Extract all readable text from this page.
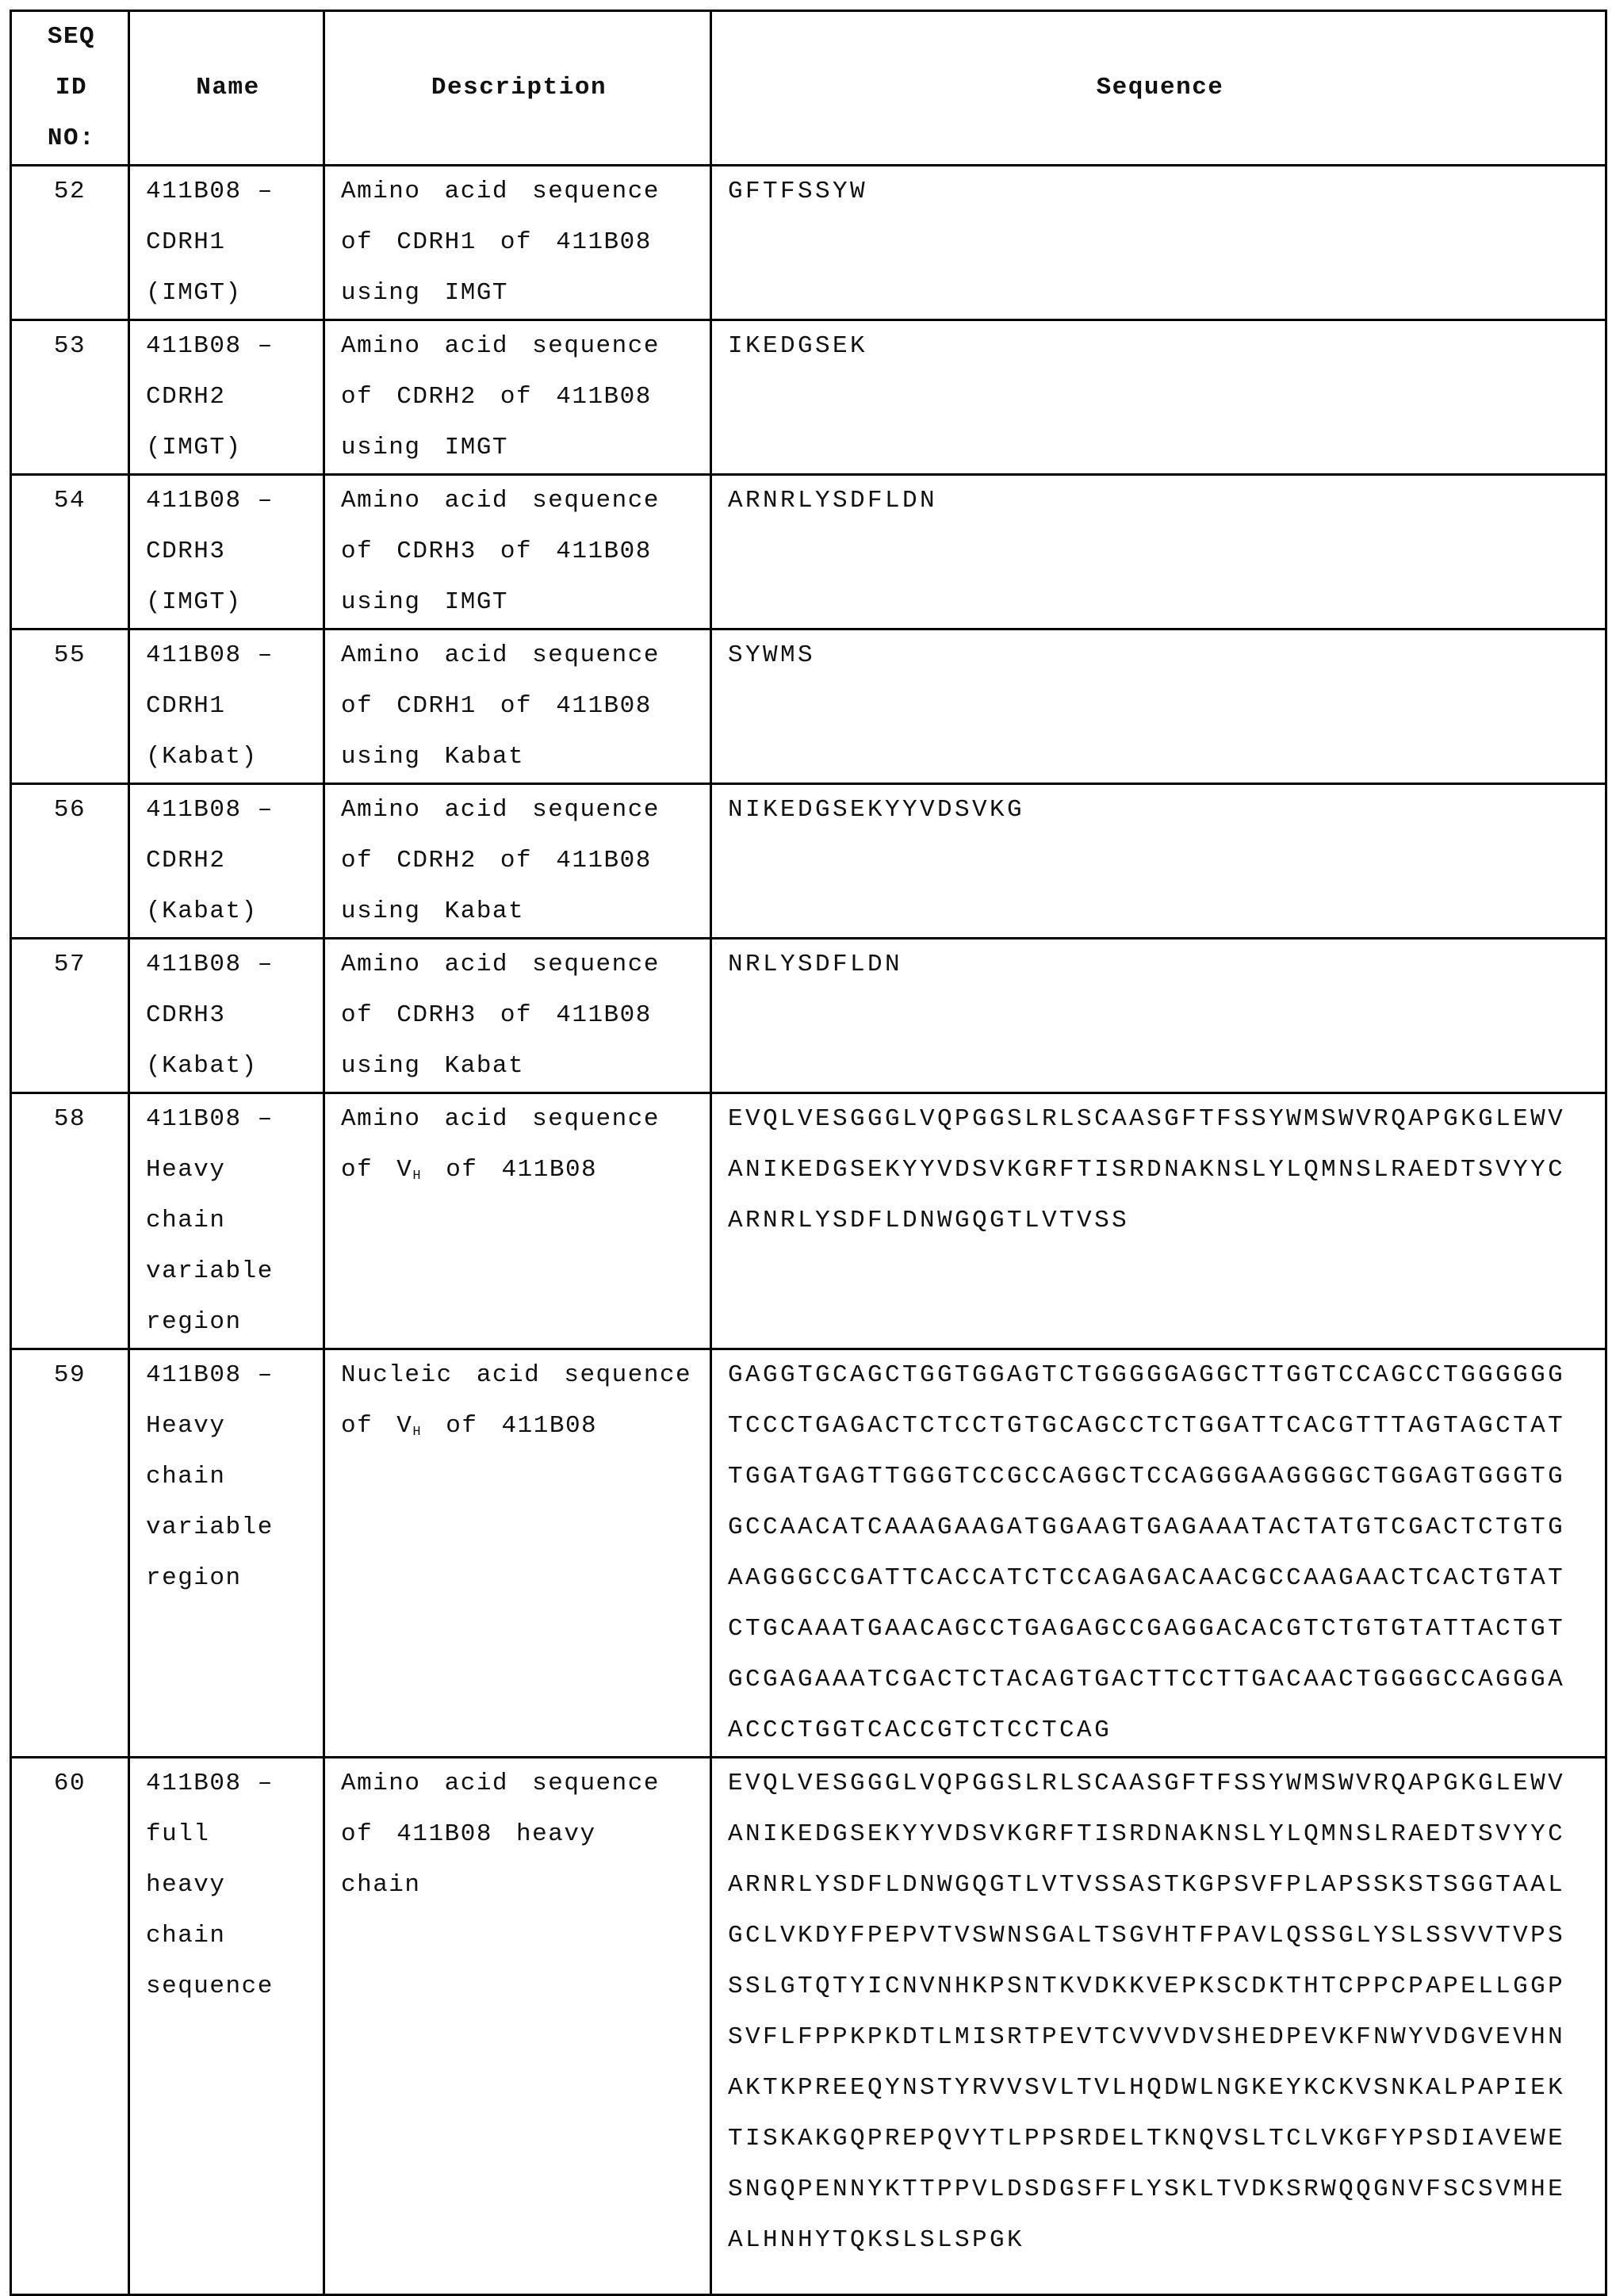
SEQ
ID
NO:	Name	Description	Sequence
52	411B08 –
CDRH1
(IMGT)	Amino acid sequence of CDRH1 of 411B08 using IMGT	
GFTFSSYW

53	411B08 –
CDRH2
(IMGT)	Amino acid sequence of CDRH2 of 411B08 using IMGT	
IKEDGSEK

54	411B08 –
CDRH3
(IMGT)	Amino acid sequence of CDRH3 of 411B08 using IMGT	
ARNRLYSDFLDN

55	411B08 –
CDRH1
(Kabat)	Amino acid sequence of CDRH1 of 411B08 using Kabat	
SYWMS

56	411B08 –
CDRH2
(Kabat)	Amino acid sequence of CDRH2 of 411B08 using Kabat	
NIKEDGSEKYYVDSVKG

57	411B08 –
CDRH3
(Kabat)	Amino acid sequence of CDRH3 of 411B08 using Kabat	
NRLYSDFLDN

58	411B08 –
Heavy
chain
variable
region	Amino acid sequence of VH of 411B08	
EVQLVESGGGLVQPGGSLRLSCAASGFTFSSYWMSWVRQAPGKGLEWV
ANIKEDGSEKYYVDSVKGRFTISRDNAKNSLYLQMNSLRAEDTSVYYC
ARNRLYSDFLDNWGQGTLVTVSS

59	411B08 –
Heavy
chain
variable
region	Nucleic acid sequence of VH of 411B08	
GAGGTGCAGCTGGTGGAGTCTGGGGGAGGCTTGGTCCAGCCTGGGGGG
TCCCTGAGACTCTCCTGTGCAGCCTCTGGATTCACGTTTAGTAGCTAT
TGGATGAGTTGGGTCCGCCAGGCTCCAGGGAAGGGGCTGGAGTGGGTG
GCCAACATCAAAGAAGATGGAAGTGAGAAATACTATGTCGACTCTGTG
AAGGGCCGATTCACCATCTCCAGAGACAACGCCAAGAACTCACTGTAT
CTGCAAATGAACAGCCTGAGAGCCGAGGACACGTCTGTGTATTACTGT
GCGAGAAATCGACTCTACAGTGACTTCCTTGACAACTGGGGCCAGGGA
ACCCTGGTCACCGTCTCCTCAG

60	411B08 –
full
heavy
chain
sequence	Amino acid sequence of 411B08 heavy chain	
EVQLVESGGGLVQPGGSLRLSCAASGFTFSSYWMSWVRQAPGKGLEWV
ANIKEDGSEKYYVDSVKGRFTISRDNAKNSLYLQMNSLRAEDTSVYYC
ARNRLYSDFLDNWGQGTLVTVSSASTKGPSVFPLAPSSKSTSGGTAAL
GCLVKDYFPEPVTVSWNSGALTSGVHTFPAVLQSSGLYSLSSVVTVPS
SSLGTQTYICNVNHKPSNTKVDKKVEPKSCDKTHTCPPCPAPELLGGP
SVFLFPPKPKDTLMISRTPEVTCVVVDVSHEDPEVKFNWYVDGVEVHN
AKTKPREEQYNSTYRVVSVLTVLHQDWLNGKEYKCKVSNKALPAPIEK
TISKAKGQPREPQVYTLPPSRDELTKNQVSLTCLVKGFYPSDIAVEWE
SNGQPENNYKTTPPVLDSDGSFFLYSKLTVDKSRWQQGNVFSCSVMHE
ALHNHYTQKSLSLSPGK
